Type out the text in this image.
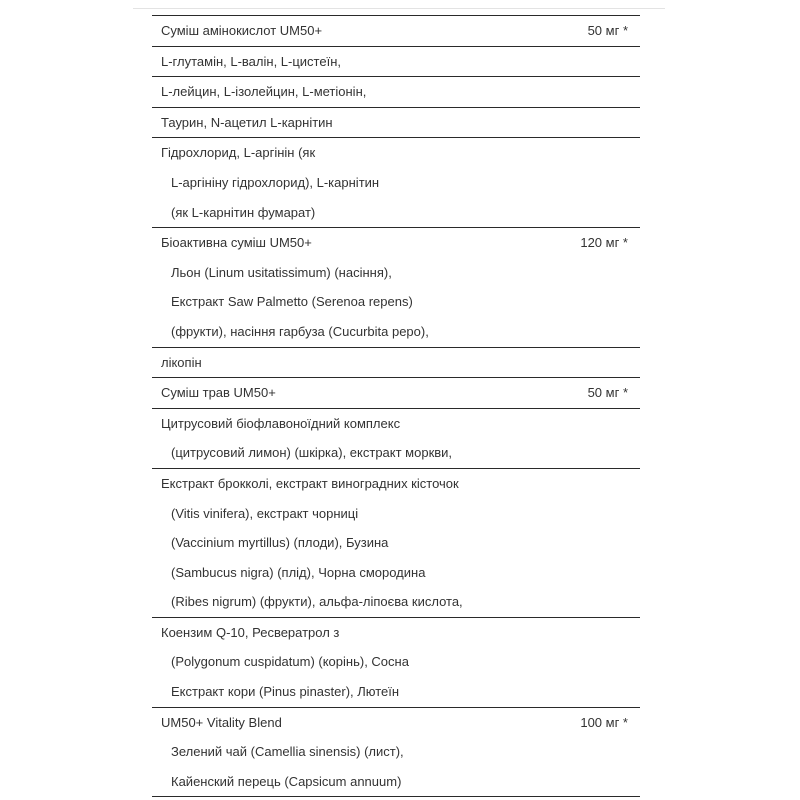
Суміш амінокислот UM50+	50 мг *
L-глутамін, L-валін, L-цистеїн,
L-лейцин, L-ізолейцин, L-метіонін,
Таурин, N-ацетил L-карнітин
Гідрохлорид, L-аргінін (як
L-аргініну гідрохлорид), L-карнітин
(як L-карнітин фумарат)
Біоактивна суміш UM50+	120 мг *
Льон (Linum usitatissimum) (насіння),
Екстракт Saw Palmetto (Serenoa repens)
(фрукти), насіння гарбуза (Cucurbita pepo),
лікопін
Суміш трав UM50+	50 мг *
Цитрусовий біофлавоноїдний комплекс
(цитрусовий лимон) (шкірка), екстракт моркви,
Екстракт брокколі, екстракт виноградних кісточок
(Vitis vinifera), екстракт чорниці
(Vaccinium myrtillus) (плоди), Бузина
(Sambucus nigra) (плід), Чорна смородина
(Ribes nigrum) (фрукти), альфа-ліпоєва кислота,
Коензим Q-10, Ресвератрол з
(Polygonum cuspidatum) (корінь), Сосна
Екстракт кори (Pinus pinaster), Лютеїн
UM50+ Vitality Blend	100 мг *
Зелений чай (Camellia sinensis) (лист),
Кайенский перець (Capsicum annuum)
